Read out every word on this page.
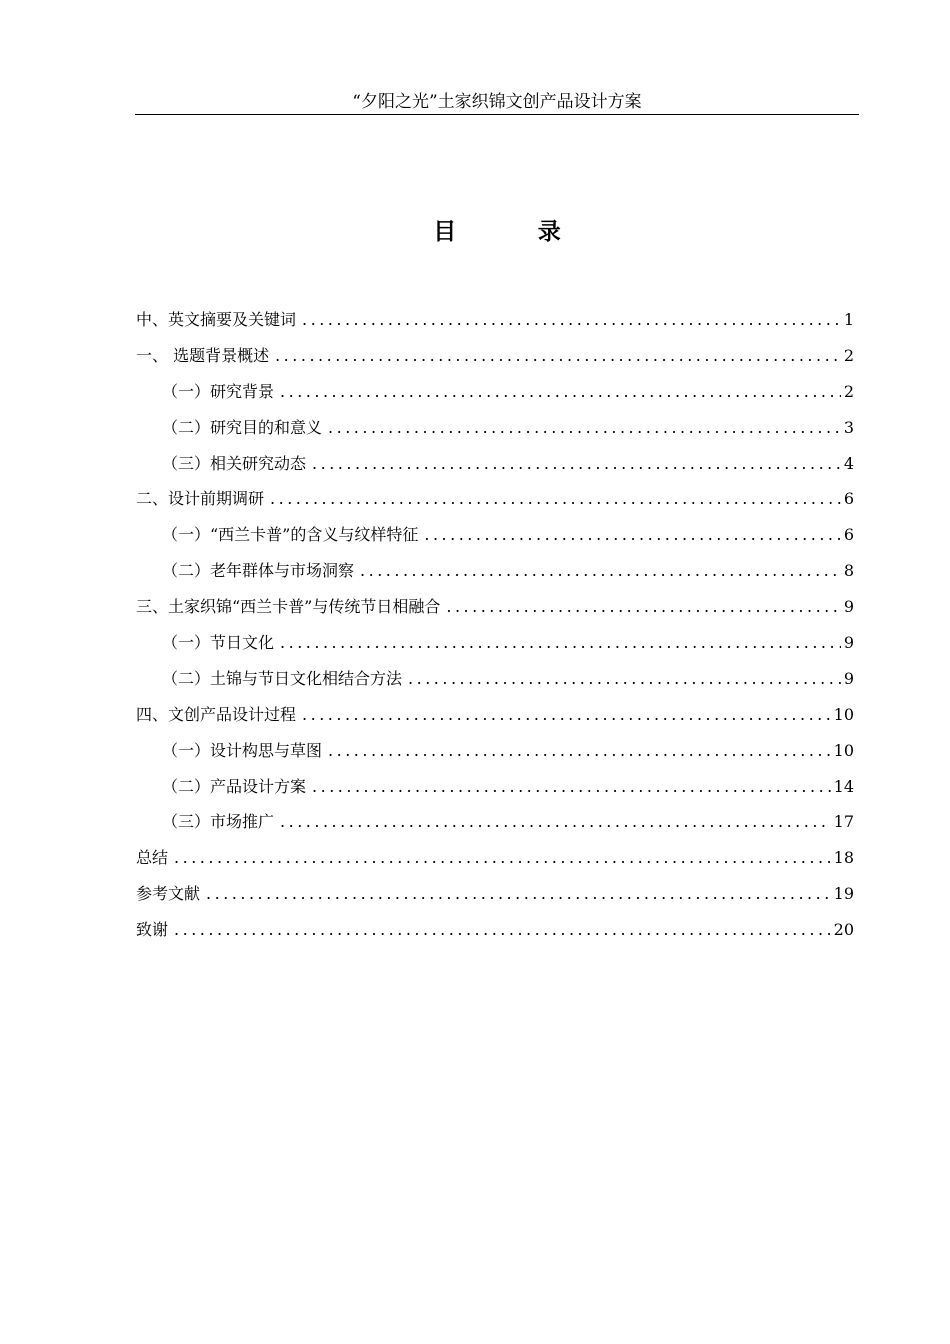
“夕阳之光”土家织锦文创产品设计方案
目 录
中、英文摘要及关键词 .....	1
一、 选题背景概述 .....	2
（一）研究背景 .....	2
（二）研究目的和意义 .....	3
（三）相关研究动态 .....	4
二、设计前期调研 .....	6
（一）“西兰卡普”的含义与纹样特征 .....	6
（二）老年群体与市场洞察 .....	8
三、土家织锦“西兰卡普”与传统节日相融合 .....	9
（一）节日文化 .....	9
（二）土锦与节日文化相结合方法 .....	9
四、文创产品设计过程 .....	10
（一）设计构思与草图 .....	10
（二）产品设计方案 .....	14
（三）市场推广 .....	17
总结 .....	18
参考文献 .....	19
致谢 .....	20
